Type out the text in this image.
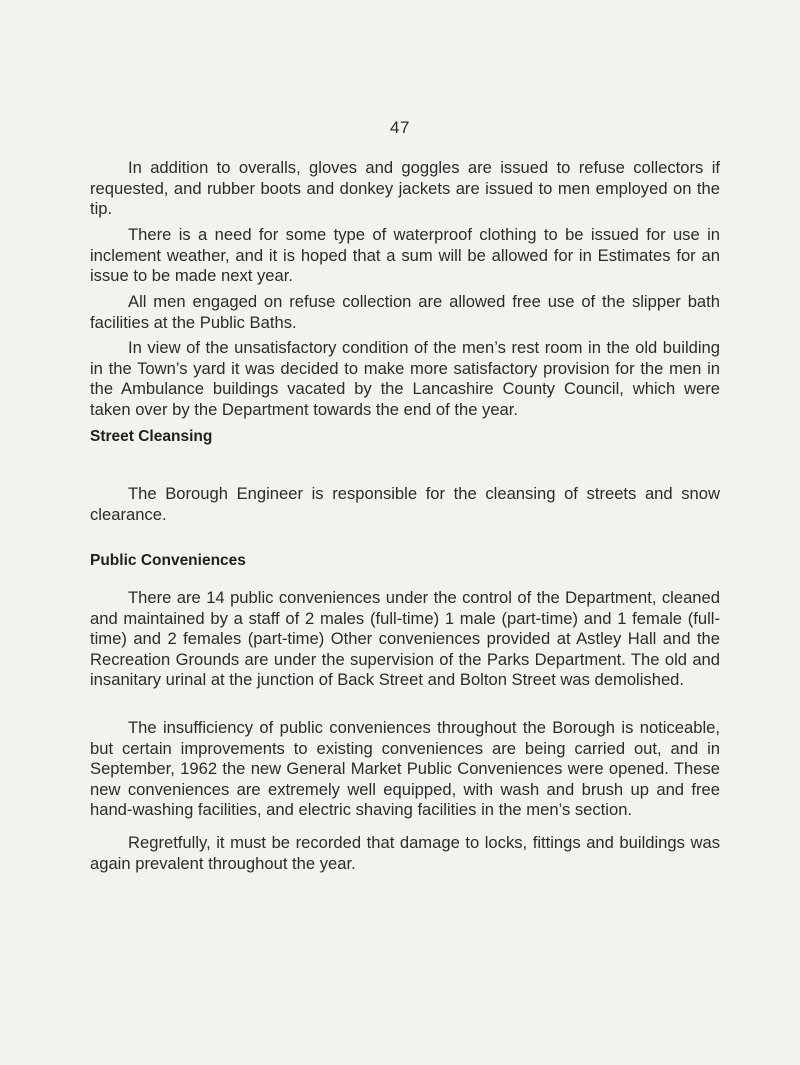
47

In addition to overalls, gloves and goggles are issued to refuse collectors if requested, and rubber boots and donkey jackets are issued to men employed on the tip.

There is a need for some type of waterproof clothing to be issued for use in inclement weather, and it is hoped that a sum will be allowed for in Estimates for an issue to be made next year.

All men engaged on refuse collection are allowed free use of the slipper bath facilities at the Public Baths.

In view of the unsatisfactory condition of the men’s rest room in the old building in the Town’s yard it was decided to make more satisfactory provision for the men in the Ambulance buildings vacated by the Lancashire County Council, which were taken over by the Department towards the end of the year.

Street Cleansing

The Borough Engineer is responsible for the cleansing of streets and snow clearance.

Public Conveniences

There are 14 public conveniences under the control of the Department, cleaned and maintained by a staff of 2 males (full-time) 1 male (part-time) and 1 female (full-time) and 2 females (part-time) Other conveniences provided at Astley Hall and the Recreation Grounds are under the supervision of the Parks Department. The old and insanitary urinal at the junction of Back Street and Bolton Street was demolished.

The insufficiency of public conveniences throughout the Borough is noticeable, but certain improvements to existing conveniences are being carried out, and in September, 1962 the new General Market Public Conveniences were opened. These new conveniences are extremely well equipped, with wash and brush up and free hand-washing facilities, and electric shaving facilities in the men’s section.

Regretfully, it must be recorded that damage to locks, fittings and buildings was again prevalent throughout the year.
